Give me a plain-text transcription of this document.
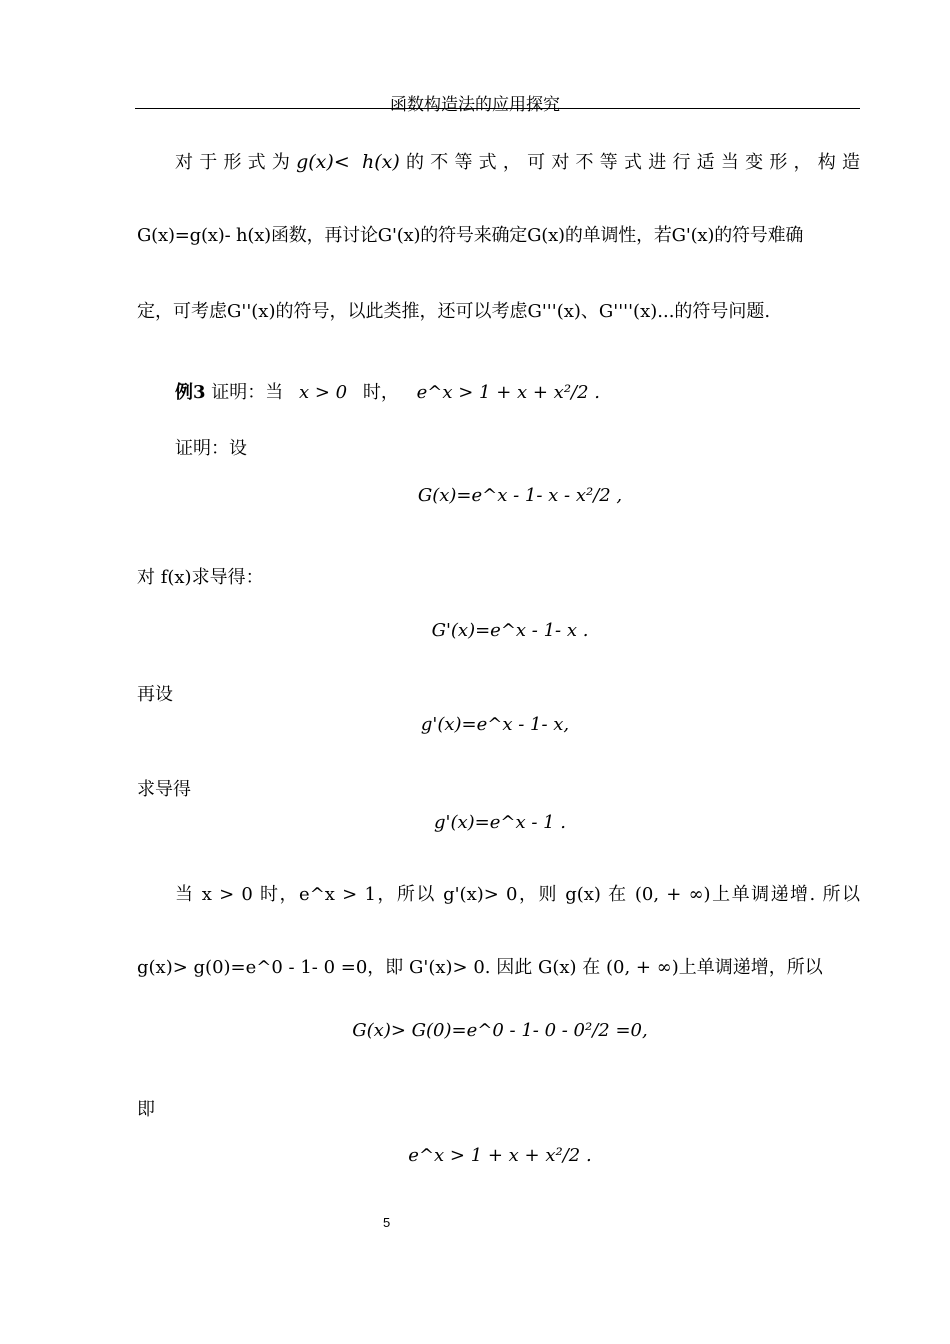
函数构造法的应用探究
对于形式为g(x)< h(x)的不等式，可对不等式进行适当变形，构造
G(x)=g(x)- h(x)函数，再讨论G'(x)的符号来确定G(x)的单调性，若G'(x)的符号难确
定，可考虑G''(x)的符号，以此类推，还可以考虑G'''(x)、G''''(x)...的符号问题.
例3 证明：当 x > 0 时， e^x > 1 + x + x²/2 .
证明：设
G(x)=e^x - 1- x - x²/2 ,
对 f(x)求导得：
G'(x)=e^x - 1- x .
再设
g'(x)=e^x - 1- x,
求导得
g'(x)=e^x - 1 .
当 x > 0 时，e^x > 1，所以 g'(x)> 0，则 g(x) 在 (0, + ∞)上单调递增. 所以
g(x)> g(0)=e^0 - 1- 0 =0，即 G'(x)> 0. 因此 G(x) 在 (0, + ∞)上单调递增，所以
G(x)> G(0)=e^0 - 1- 0 - 0²/2 =0,
即
e^x > 1 + x + x²/2 .
5
